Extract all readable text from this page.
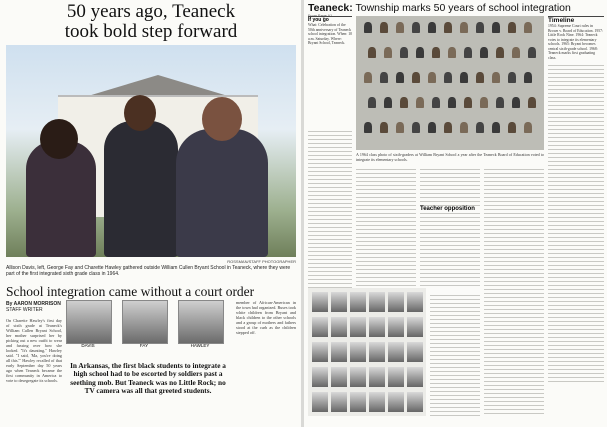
50 years ago, Teaneck
took bold step forward
ROSSMAN/STAFF PHOTOGRAPHER
Allison Davis, left, George Fay and Charette Hawley gathered outside William Cullen Bryant School in Teaneck, where they were part of the first integrated sixth grade class in 1964.
School integration came without a court order
By AARON MORRISON
STAFF WRITER
On Charette Hawley's first day of sixth grade at Teaneck's William Cullen Bryant School, her mother surprised her by picking out a new outfit to wear and fussing over how she looked. "It's daunting," Hawley said. "I said, 'Ma, you're doing all this.'" Hawley recalled of that early September day 50 years ago when Teaneck became the first community in America to vote to desegregate its schools.
DAVIS	FAY	HAWLEY
In Arkansas, the first black students to integrate a high school had to be escorted by soldiers past a seething mob. But Teaneck was no Little Rock; no TV camera was all that greeted students.
member of African-American in the town had organized. Buses took white children from Bryant and black children to the other schools and a group of mothers and fathers stood at the curb as the children stepped off.
From Page A1
Teaneck: Township marks 50 years of school integration
If you go
What: Celebration of the 50th anniversary of Teaneck school integration. When: 10 a.m. Saturday. Where: Bryant School, Teaneck.
A 1964 class photo of sixth-graders at William Bryant School a year after the Teaneck Board of Education voted to integrate its elementary schools.
Teacher opposition
Timeline
1954: Supreme Court rules in Brown v. Board of Education. 1957: Little Rock Nine. 1964: Teaneck votes to integrate its elementary schools. 1965: Bryant becomes central sixth-grade school. 1968: Teaneck marks first graduating class.
